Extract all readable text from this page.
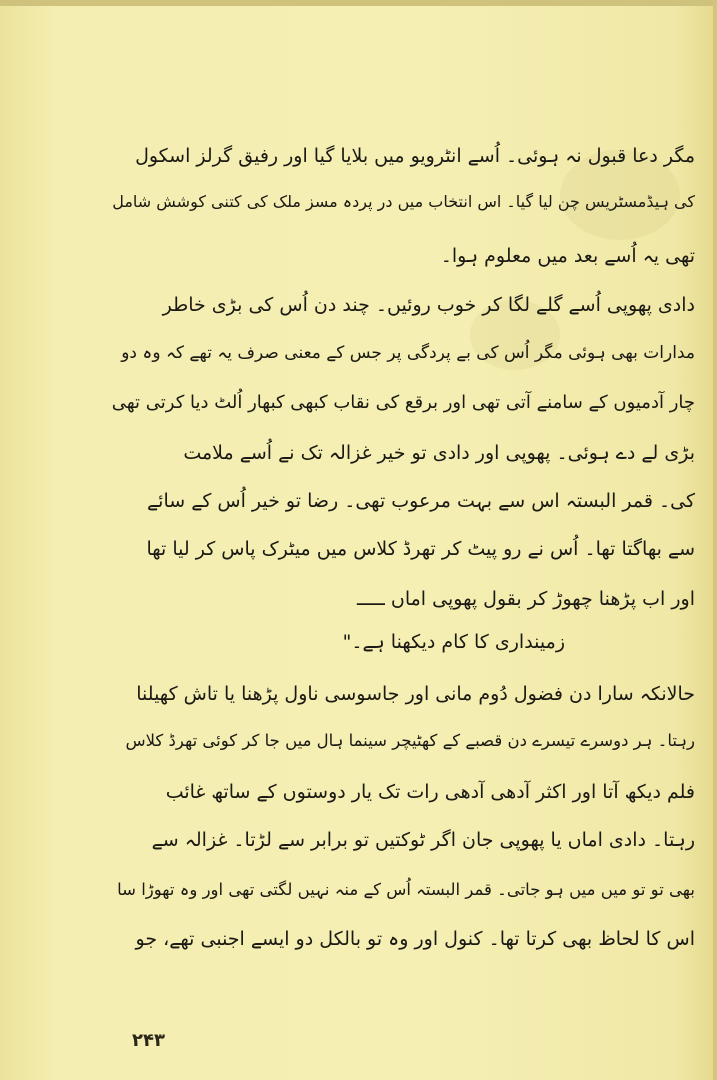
مگر دعا قبول نہ ہوئی۔ اُسے انٹرویو میں بلایا گیا اور رفیق گرلز اسکول
کی ہیڈمسٹریس چن لیا گیا۔ اس انتخاب میں در پردہ مسز ملک کی کتنی کوشش شامل
تھی یہ اُسے بعد میں معلوم ہوا۔
دادی پھوپی اُسے گلے لگا کر خوب روئیں۔ چند دن اُس کی بڑی خاطر
مدارات بھی ہوئی مگر اُس کی بے پردگی پر جس کے معنی صرف یہ تھے کہ وہ دو
چار آدمیوں کے سامنے آتی تھی اور برقع کی نقاب کبھی کبھار اُلٹ دیا کرتی تھی
بڑی لے دے ہوئی۔ پھوپی اور دادی تو خیر غزالہ تک نے اُسے ملامت
کی۔ قمر البستہ اس سے بہت مرعوب تھی۔ رضا تو خیر اُس کے سائے
سے بھاگتا تھا۔ اُس نے رو پیٹ کر تھرڈ کلاس میں میٹرک پاس کر لیا تھا
اور اب پڑھنا چھوڑ کر بقول پھوپی اماں ـــــ
زمینداری کا کام دیکھنا ہے۔"
حالانکہ سارا دن فضول دُوم مانی اور جاسوسی ناول پڑھنا یا تاش کھیلنا
رہتا۔ ہر دوسرے تیسرے دن قصبے کے کھٹیچر سینما ہال میں جا کر کوئی تھرڈ کلاس
فلم دیکھ آتا اور اکثر آدھی آدھی رات تک یار دوستوں کے ساتھ غائب
رہتا۔ دادی اماں یا پھوپی جان اگر ٹوکتیں تو برابر سے لڑتا۔ غزالہ سے
بھی تو تو میں میں ہو جاتی۔ قمر البستہ اُس کے منہ نہیں لگتی تھی اور وہ تھوڑا سا
اس کا لحاظ بھی کرتا تھا۔ کنول اور وہ تو بالکل دو ایسے اجنبی تھے، جو
۲۴۳
